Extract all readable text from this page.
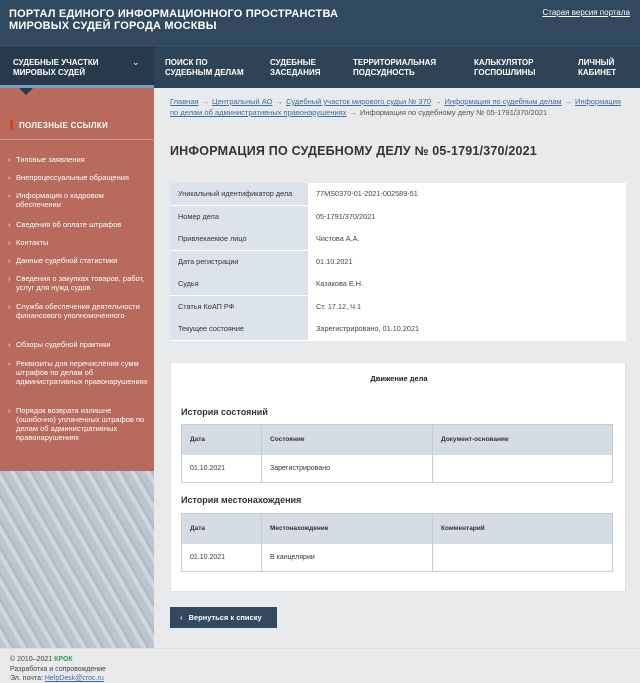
ПОРТАЛ ЕДИНОГО ИНФОРМАЦИОННОГО ПРОСТРАНСТВА
МИРОВЫХ СУДЕЙ ГОРОДА МОСКВЫ
Старая версия портала
СУДЕБНЫЕ УЧАСТКИ
МИРОВЫХ СУДЕЙ
⌄	ПОИСК ПО
СУДЕБНЫМ ДЕЛАМ
СУДЕБНЫЕ
ЗАСЕДАНИЯ
ТЕРРИТОРИАЛЬНАЯ
ПОДСУДНОСТЬ
КАЛЬКУЛЯТОР
ГОСПОШЛИНЫ
ЛИЧНЫЙ
КАБИНЕТ
ПОЛЕЗНЫЕ ССЫЛКИ
› Типовые заявления
› Внепроцессуальные обращения
› Информация о кадровом обеспечении
› Сведения об оплате штрафов
› Контакты
› Данные судебной статистики
› Сведения о закупках товаров, работ, услуг для нужд судов
› Служба обеспечения деятельности финансового уполномоченного
› Обзоры судебной практики
› Реквизиты для перечисления сумм штрафов по делам об административных правонарушениях
› Порядок возврата излишне (ошибочно) уплаченных штрафов по делам об административных правонарушениях
Главная → Центральный АО → Судебный участок мирового судьи № 370 → Информация по судебным делам → Информация по делам об административных правонарушениях → Информация по судебному делу № 05-1791/370/2021
ИНФОРМАЦИЯ ПО СУДЕБНОМУ ДЕЛУ № 05-1791/370/2021
Уникальный идентификатор дела	77MS0370-01-2021-002589-51
Номер дела	05-1791/370/2021
Привлекаемое лицо	Чистова А.А.
Дата регистрации	01.10.2021
Судья	Казакова Е.Н.
Статья КоАП РФ	Ст. 17.12, Ч.1
Текущее состояние	Зарегистрировано, 01.10.2021
Движение дела
История состояний
Дата	Состояние	Документ-основание
01.10.2021	Зарегистрировано
История местонахождения
Дата	Местонахождение	Комментарий
01.10.2021	В канцелярии
‹ Вернуться к списку
© 2010–2021 КРОК
Разработка и сопровождение
Эл. почта: HelpDesk@croc.ru
